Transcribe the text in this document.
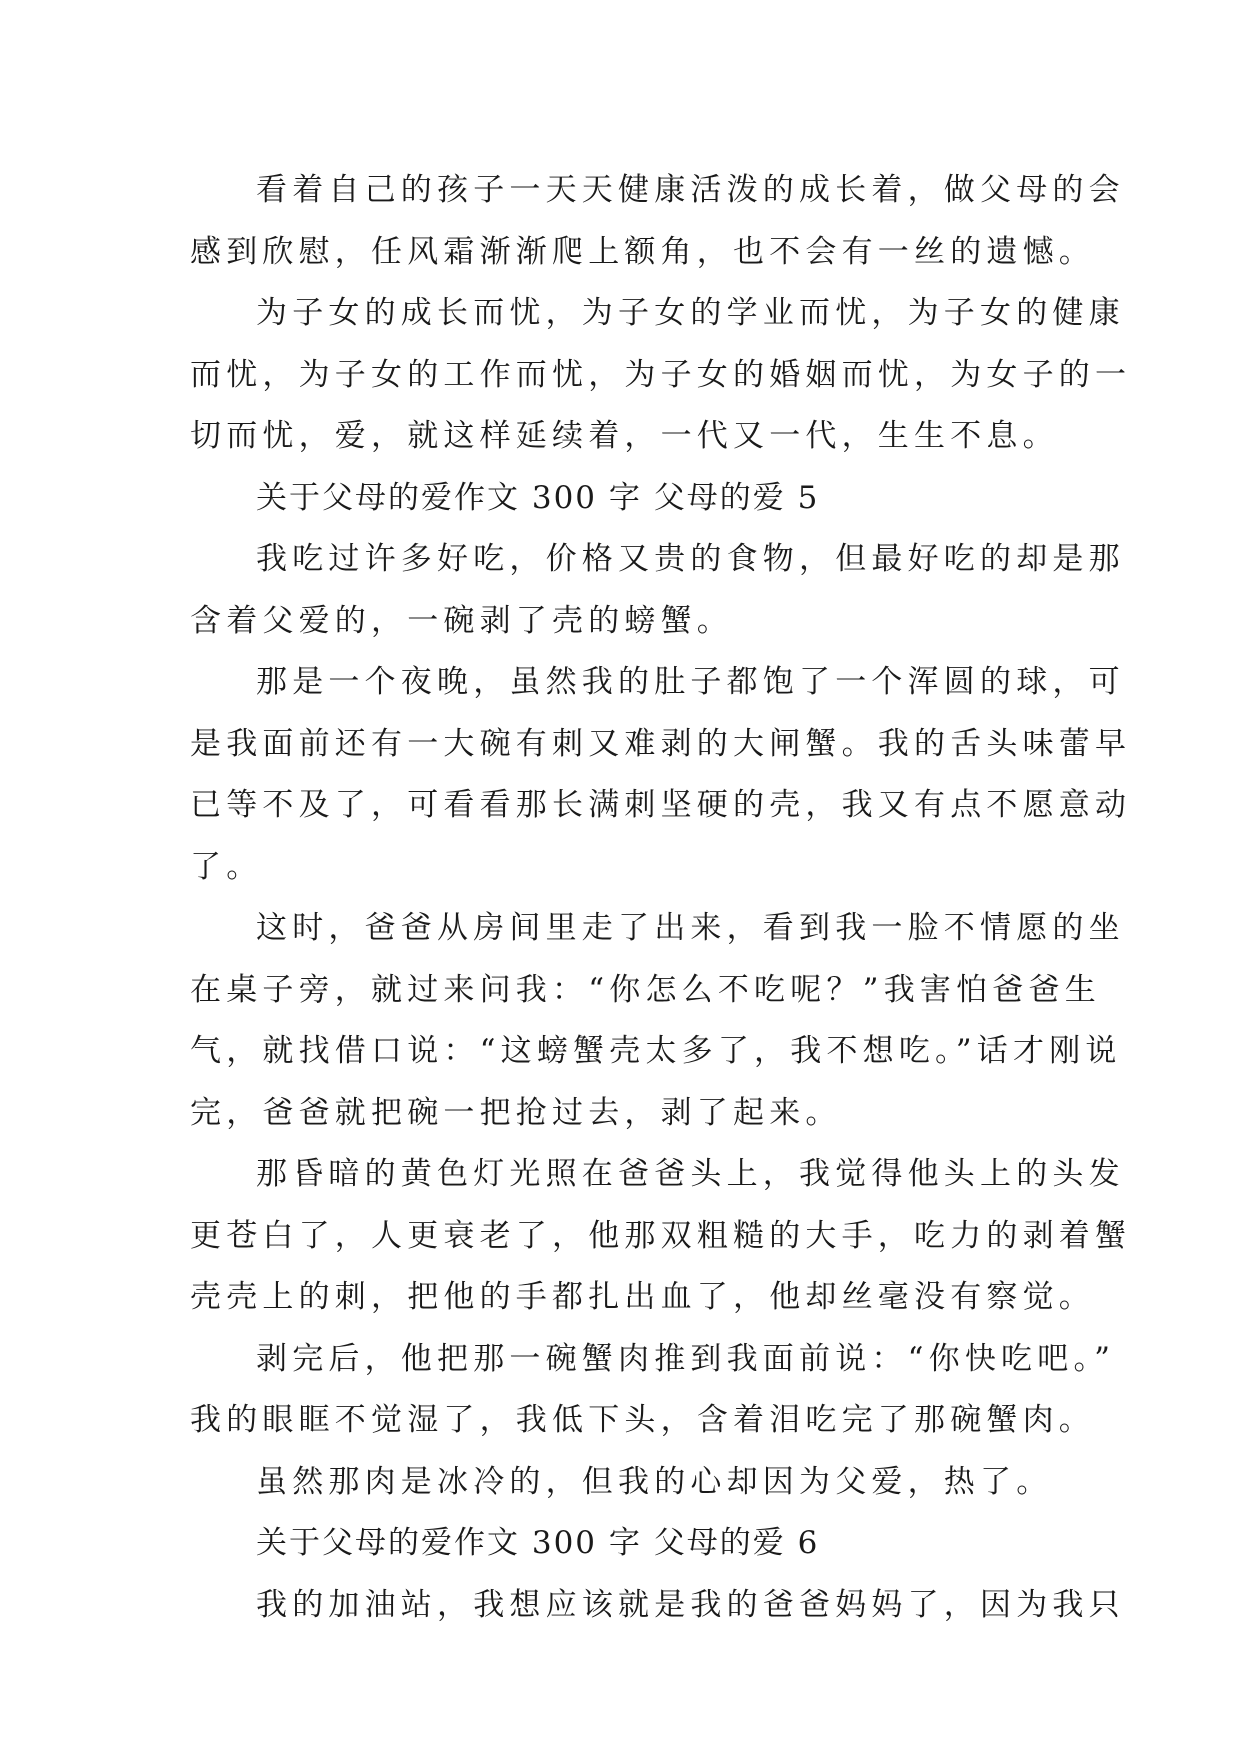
看着自己的孩子一天天健康活泼的成长着，做父母的会
感到欣慰，任风霜渐渐爬上额角，也不会有一丝的遗憾。
为子女的成长而忧，为子女的学业而忧，为子女的健康
而忧，为子女的工作而忧，为子女的婚姻而忧，为女子的一
切而忧，爱，就这样延续着，一代又一代，生生不息。
关于父母的爱作文 300 字 父母的爱 5
我吃过许多好吃，价格又贵的食物，但最好吃的却是那
含着父爱的，一碗剥了壳的螃蟹。
那是一个夜晚，虽然我的肚子都饱了一个浑圆的球，可
是我面前还有一大碗有刺又难剥的大闸蟹。我的舌头味蕾早
已等不及了，可看看那长满刺坚硬的壳，我又有点不愿意动
了。
这时，爸爸从房间里走了出来，看到我一脸不情愿的坐
在桌子旁，就过来问我：“你怎么不吃呢？”我害怕爸爸生
气，就找借口说：“这螃蟹壳太多了，我不想吃。”话才刚说
完，爸爸就把碗一把抢过去，剥了起来。
那昏暗的黄色灯光照在爸爸头上，我觉得他头上的头发
更苍白了，人更衰老了，他那双粗糙的大手，吃力的剥着蟹
壳壳上的刺，把他的手都扎出血了，他却丝毫没有察觉。
剥完后，他把那一碗蟹肉推到我面前说：“你快吃吧。”
我的眼眶不觉湿了，我低下头，含着泪吃完了那碗蟹肉。
虽然那肉是冰冷的，但我的心却因为父爱，热了。
关于父母的爱作文 300 字 父母的爱 6
我的加油站，我想应该就是我的爸爸妈妈了，因为我只
